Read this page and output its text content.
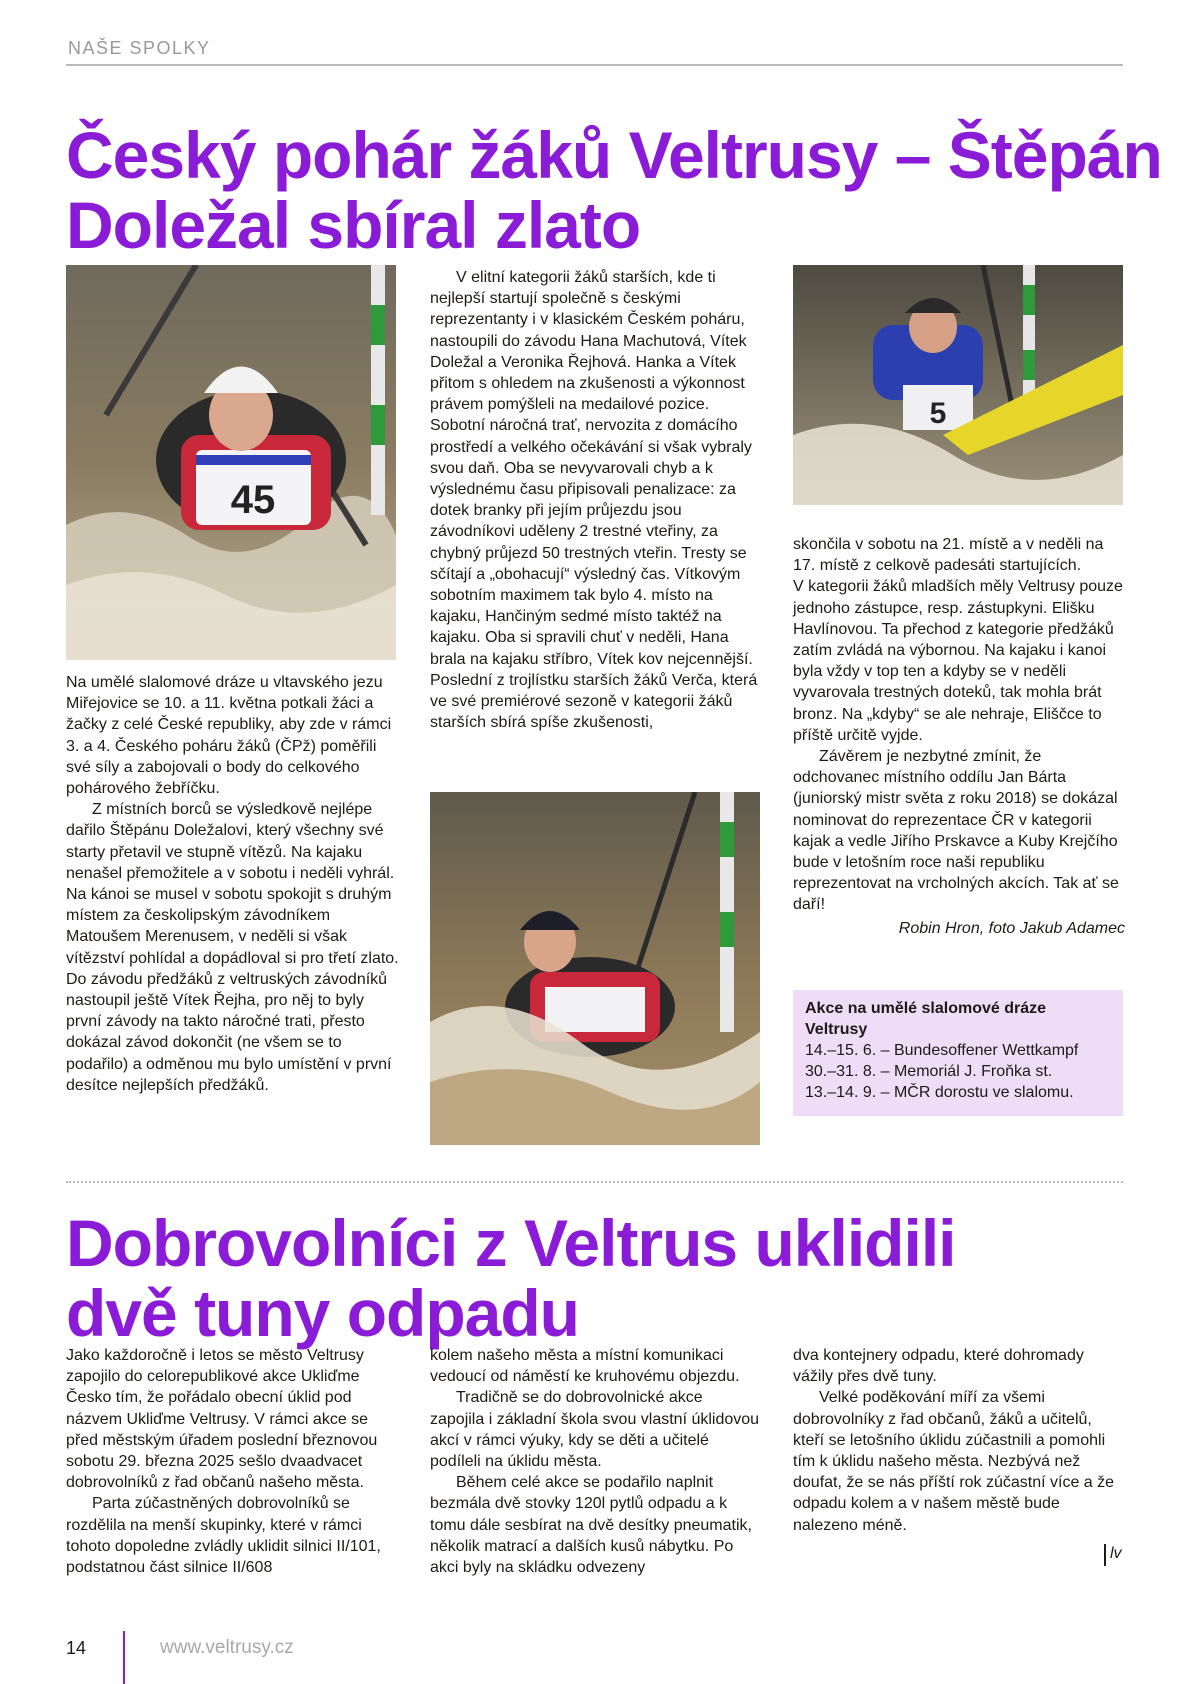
NAŠE SPOLKY
Český pohár žáků Veltrusy – Štěpán
Doležal sbíral zlato
45

Na umělé slalomové dráze u vltavského jezu Miřejovice se 10. a 11. května potkali žáci a žačky z celé České republiky, aby zde v rámci 3. a 4. Českého poháru žáků (ČPž) poměřili své síly a zabojovali o body do celkového pohárového žebříčku.

Z místních borců se výsledkově nejlépe dařilo Štěpánu Doležalovi, který všechny své starty přetavil ve stupně vítězů. Na kajaku nenašel přemožitele a v sobotu i neděli vyhrál. Na kánoi se musel v sobotu spokojit s druhým místem za českolipským závodníkem Matoušem Merenusem, v neděli si však vítězství pohlídal a dopádloval si pro třetí zlato. Do závodu předžáků z veltruských závodníků nastoupil ještě Vítek Řejha, pro něj to byly první závody na takto náročné trati, přesto dokázal závod dokončit (ne všem se to podařilo) a odměnou mu bylo umístění v první desítce nejlepších předžáků.

V elitní kategorii žáků starších, kde ti nejlepší startují společně s českými reprezentanty i v klasickém Českém poháru, nastoupili do závodu Hana Machutová, Vítek Doležal a Veronika Řejhová. Hanka a Vítek přitom s ohledem na zkušenosti a výkonnost právem pomýšleli na medailové pozice. Sobotní náročná trať, nervozita z domácího prostředí a velkého očekávání si však vybraly svou daň. Oba se nevyvarovali chyb a k výslednému času připisovali penalizace: za dotek branky při jejím průjezdu jsou závodníkovi uděleny 2 trestné vteřiny, za chybný průjezd 50 trestných vteřin. Tresty se sčítají a „obohacují“ výsledný čas. Vítkovým sobotním maximem tak bylo 4. místo na kajaku, Hančiným sedmé místo taktéž na kajaku. Oba si spravili chuť v neděli, Hana brala na kajaku stříbro, Vítek kov nejcennější. Poslední z trojlístku starších žáků Verča, která ve své premiérové sezoně v kategorii žáků starších sbírá spíše zkušenosti,

5

skončila v sobotu na 21. místě a v neděli na 17. místě z celkově padesáti startujících.

V kategorii žáků mladších měly Veltrusy pouze jednoho zástupce, resp. zástupkyni. Elišku Havlínovou. Ta přechod z kategorie předžáků zatím zvládá na výbornou. Na kajaku i kanoi byla vždy v top ten a kdyby se v neděli vyvarovala trestných doteků, tak mohla brát bronz. Na „kdyby“ se ale nehraje, Eliščce to příště určitě vyjde.

Závěrem je nezbytné zmínit, že odchovanec místního oddílu Jan Bárta (juniorský mistr světa z roku 2018) se dokázal nominovat do reprezentace ČR v kategorii kajak a vedle Jiřího Prskavce a Kuby Krejčího bude v letošním roce naši republiku reprezentovat na vrcholných akcích. Tak ať se daří!

Robin Hron, foto Jakub Adamec

Akce na umělé slalomové dráze Veltrusy

14.–15. 6. – Bundesoffener Wettkampf

30.–31. 8. – Memoriál J. Froňka st.

13.–14. 9. – MČR dorostu ve slalomu.

Dobrovolníci z Veltrus uklidili
dvě tuny odpadu

Jako každoročně i letos se město Veltrusy zapojilo do celorepublikové akce Ukliďme Česko tím, že pořádalo obecní úklid pod názvem Ukliďme Veltrusy. V rámci akce se před městským úřadem poslední březnovou sobotu 29. března 2025 sešlo dvaadvacet dobrovolníků z řad občanů našeho města.

Parta zúčastněných dobrovolníků se rozdělila na menší skupinky, které v rámci tohoto dopoledne zvládly uklidit silnici II/101, podstatnou část silnice II/608

kolem našeho města a místní komunikaci vedoucí od náměstí ke kruhovému objezdu.

Tradičně se do dobrovolnické akce zapojila i základní škola svou vlastní úklidovou akcí v rámci výuky, kdy se děti a učitelé podíleli na úklidu města.

Během celé akce se podařilo naplnit bezmála dvě stovky 120l pytlů odpadu a k tomu dále sesbírat na dvě desítky pneumatik, několik matrací a dalších kusů nábytku. Po akci byly na skládku odvezeny

dva kontejnery odpadu, které dohromady vážily přes dvě tuny.

Velké poděkování míří za všemi dobrovolníky z řad občanů, žáků a učitelů, kteří se letošního úklidu zúčastnili a pomohli tím k úklidu našeho města. Nezbývá než doufat, že se nás příští rok zúčastní více a že odpadu kolem a v našem městě bude nalezeno méně.

lv
14	www.veltrusy.cz
